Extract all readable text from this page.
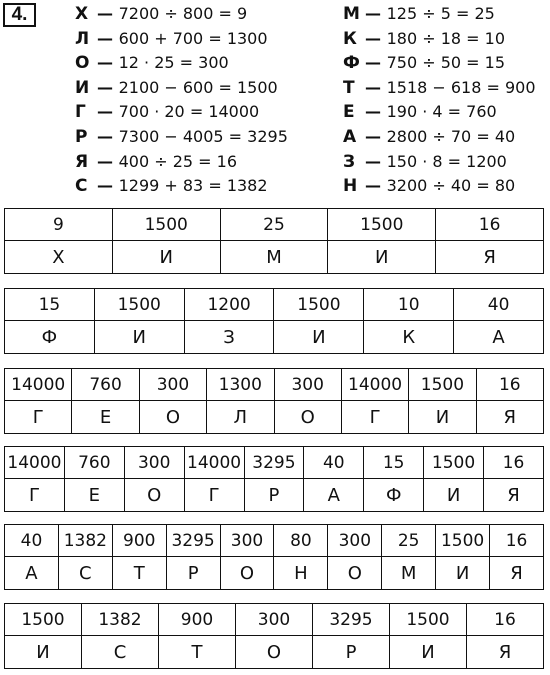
4.	Х — 7200 ÷ 800 = 9
Л — 600 + 700 = 1300
О — 12 · 25 = 300
И — 2100 − 600 = 1500
Г — 700 · 20 = 14000
Р — 7300 − 4005 = 3295
Я — 400 ÷ 25 = 16
С — 1299 + 83 = 1382
М — 125 ÷ 5 = 25
К — 180 ÷ 18 = 10
Ф — 750 ÷ 50 = 15
Т — 1518 − 618 = 900
Е — 190 · 4 = 760
А — 2800 ÷ 70 = 40
З — 150 · 8 = 1200
Н — 3200 ÷ 40 = 80
9	1500	25	1500	16
Х	И	М	И	Я
15	1500	1200	1500	10	40
Ф	И	З	И	К	А
14000	760	300	1300	300	14000	1500	16
Г	Е	О	Л	О	Г	И	Я
14000	760	300	14000	3295	40	15	1500	16
Г	Е	О	Г	Р	А	Ф	И	Я
40	1382	900	3295	300	80	300	25	1500	16
А	С	Т	Р	О	Н	О	М	И	Я
1500	1382	900	300	3295	1500	16
И	С	Т	О	Р	И	Я
